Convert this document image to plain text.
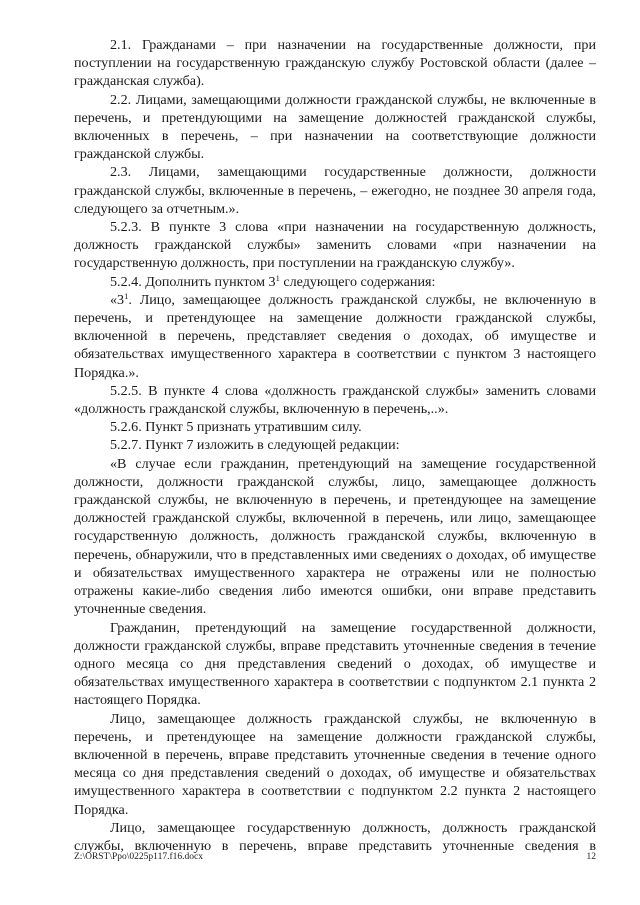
2.1. Гражданами – при назначении на государственные должности, при поступлении на государственную гражданскую службу Ростовской области (далее – гражданская служба).

2.2. Лицами, замещающими должности гражданской службы, не включенные в перечень, и претендующими на замещение должностей гражданской службы, включенных в перечень, – при назначении на соответствующие должности гражданской службы.

2.3. Лицами, замещающими государственные должности, должности гражданской службы, включенные в перечень, – ежегодно, не позднее 30 апреля года, следующего за отчетным.».

5.2.3. В пункте 3 слова «при назначении на государственную должность, должность гражданской службы» заменить словами «при назначении на государственную должность, при поступлении на гражданскую службу».

5.2.4. Дополнить пунктом $3^1$ следующего содержания:

«$3^1$. Лицо, замещающее должность гражданской службы, не включенную в перечень, и претендующее на замещение должности гражданской службы, включенной в перечень, представляет сведения о доходах, об имуществе и обязательствах имущественного характера в соответствии с пунктом 3 настоящего Порядка.».

5.2.5. В пункте 4 слова «должность гражданской службы» заменить словами «должность гражданской службы, включенную в перечень,..».

5.2.6. Пункт 5 признать утратившим силу.

5.2.7. Пункт 7 изложить в следующей редакции:

«В случае если гражданин, претендующий на замещение государственной должности, должности гражданской службы, лицо, замещающее должность гражданской службы, не включенную в перечень, и претендующее на замещение должностей гражданской службы, включенной в перечень, или лицо, замещающее государственную должность, должность гражданской службы, включенную в перечень, обнаружили, что в представленных ими сведениях о доходах, об имуществе и обязательствах имущественного характера не отражены или не полностью отражены какие-либо сведения либо имеются ошибки, они вправе представить уточненные сведения.

Гражданин, претендующий на замещение государственной должности, должности гражданской службы, вправе представить уточненные сведения в течение одного месяца со дня представления сведений о доходах, об имуществе и обязательствах имущественного характера в соответствии с подпунктом 2.1 пункта 2 настоящего Порядка.

Лицо, замещающее должность гражданской службы, не включенную в перечень, и претендующее на замещение должности гражданской службы, включенной в перечень, вправе представить уточненные сведения в течение одного месяца со дня представления сведений о доходах, об имуществе и обязательствах имущественного характера в соответствии с подпунктом 2.2 пункта 2 настоящего Порядка.

Лицо, замещающее государственную должность, должность гражданской службы, включенную в перечень, вправе представить уточненные сведения в

Z:\ORST\Ppo\0225p117.f16.docx	12
